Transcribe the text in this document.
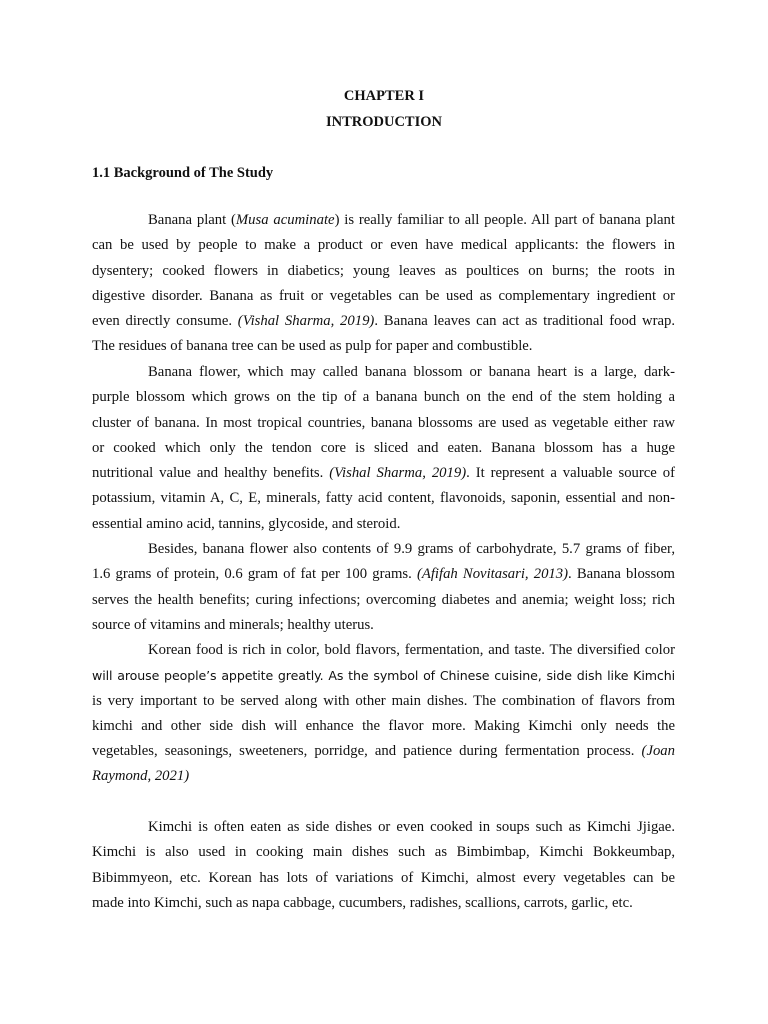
CHAPTER I
INTRODUCTION
1.1 Background of The Study
Banana plant (Musa acuminate) is really familiar to all people. All part of banana plant
can be used by people to make a product or even have medical applicants: the flowers in
dysentery; cooked flowers in diabetics; young leaves as poultices on burns; the roots in
digestive disorder. Banana as fruit or vegetables can be used as complementary ingredient or
even directly consume. (Vishal Sharma, 2019). Banana leaves can act as traditional food wrap.
The residues of banana tree can be used as pulp for paper and combustible.
Banana flower, which may called banana blossom or banana heart is a large, dark-
purple blossom which grows on the tip of a banana bunch on the end of the stem holding a
cluster of banana. In most tropical countries, banana blossoms are used as vegetable either raw
or cooked which only the tendon core is sliced and eaten. Banana blossom has a huge
nutritional value and healthy benefits. (Vishal Sharma, 2019). It represent a valuable source of
potassium, vitamin A, C, E, minerals, fatty acid content, flavonoids, saponin, essential and non-
essential amino acid, tannins, glycoside, and steroid.
Besides, banana flower also contents of 9.9 grams of carbohydrate, 5.7 grams of fiber,
1.6 grams of protein, 0.6 gram of fat per 100 grams. (Afifah Novitasari, 2013). Banana blossom
serves the health benefits; curing infections; overcoming diabetes and anemia; weight loss; rich
source of vitamins and minerals; healthy uterus.
Korean food is rich in color, bold flavors, fermentation, and taste. The diversified color
will arouse people’s appetite greatly. As the symbol of Chinese cuisine, side dish like Kimchi
is very important to be served along with other main dishes. The combination of flavors from
kimchi and other side dish will enhance the flavor more. Making Kimchi only needs the
vegetables, seasonings, sweeteners, porridge, and patience during fermentation process. (Joan
Raymond, 2021)
Kimchi is often eaten as side dishes or even cooked in soups such as Kimchi Jjigae.
Kimchi is also used in cooking main dishes such as Bimbimbap, Kimchi Bokkeumbap,
Bibimmyeon, etc. Korean has lots of variations of Kimchi, almost every vegetables can be
made into Kimchi, such as napa cabbage, cucumbers, radishes, scallions, carrots, garlic, etc.
